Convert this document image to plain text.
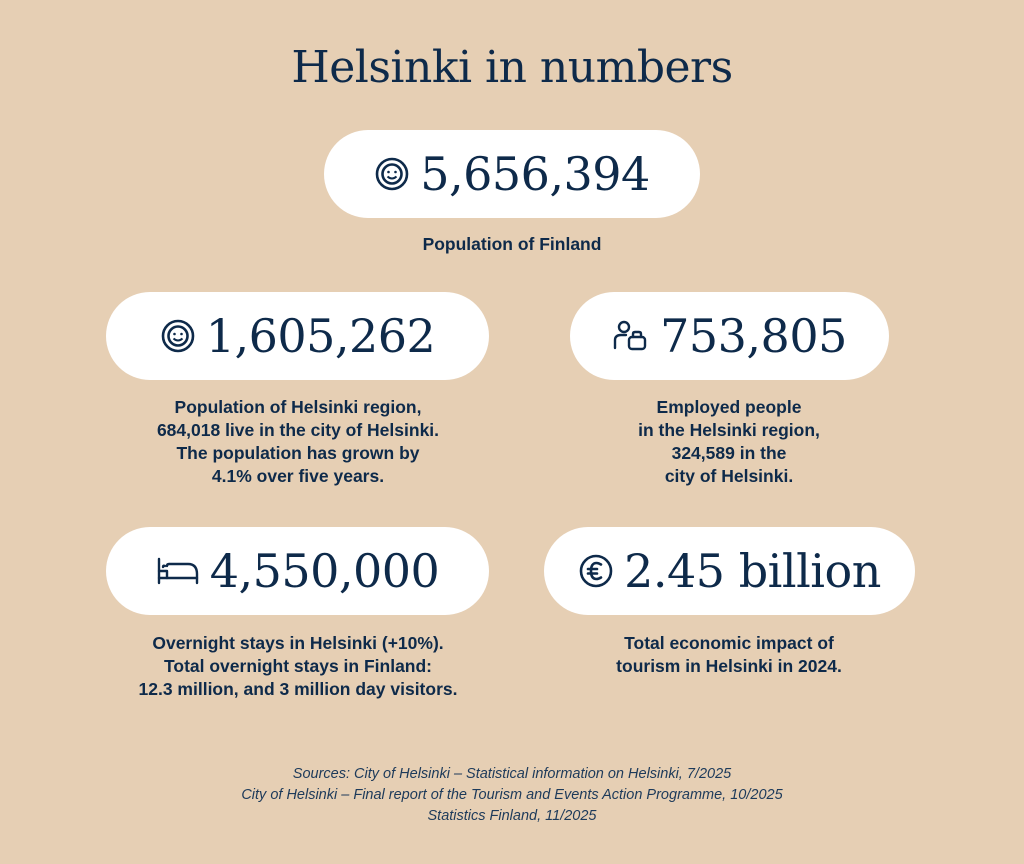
Helsinki in numbers
5,656,394
Population of Finland
1,605,262
Population of Helsinki region,
684,018 live in the city of Helsinki.
The population has grown by
4.1% over five years.
753,805
Employed people
in the Helsinki region,
324,589 in the
city of Helsinki.
4,550,000
Overnight stays in Helsinki (+10%).
Total overnight stays in Finland:
12.3 million, and 3 million day visitors.
2.45 billion
Total economic impact of
tourism in Helsinki in 2024.
Sources: City of Helsinki – Statistical information on Helsinki, 7/2025
City of Helsinki – Final report of the Tourism and Events Action Programme, 10/2025
Statistics Finland, 11/2025
